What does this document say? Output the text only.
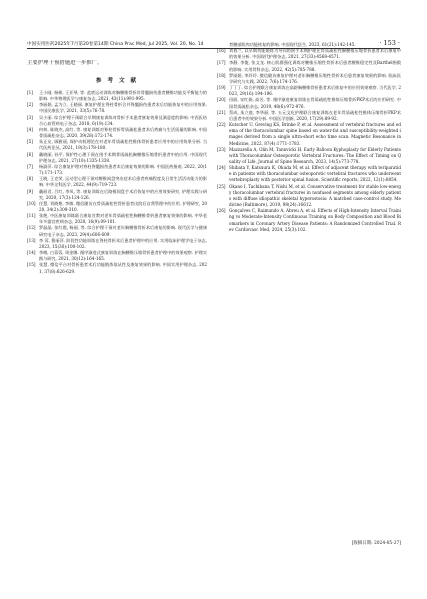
中国实用医药2025年7月第20卷第14期 China Prac Med, Jul 2025, Vol. 20, No. 14	· 153 ·
主要护理干预措施进一步推广。
参 考 文 献
[1]	王小刚, 杨彬, 王亚琴, 等. 盆底运动训练对胸腰椎骨折伴骨髓损伤患者腰椎功能及平衡能力的影响. 中华物理医学与康复杂志, 2021, 43(11):991-995.
[2]	李丽娟, 孟为立, 王晓丽. 康复护理在脊柱骨折合并脊髓损伤患者术后功能恢复中的应用效果. 中国民康医学, 2021, 33(5):76-78.
[3]	吴小丽. 综合护理干预联合早期康复训练对骨折手术患者康复效果及满意度的影响. 中西医结合心血管病电子杂志, 2018, 6(19):134.
[4]	何林, 陈晓杰, 高红, 等. 康复训练对脊柱骨折骨质疏松患者术后疼痛与生活质量的影响. 中国骨质疏松杂志, 2020, 39(28):172-174.
[5]	朱正友, 顾雅丽, 保护动机理论在对老年骨质疏松性椎体骨折患者应用中的应用效果分析. 当代医药论丛, 2021, 19(3):178-180.
[6]	戴晓丽, 孙平, 保护性心理干预在围手术期骨质疏松胸腰椎压缩骨折患者中的应用. 中国现代护理杂志, 2021, 27(10):1335-1338.
[7]	杨淑萍. 综合康复护理对脊柱脊髓损伤患者术后康复效果的影响. 中国医药指南, 2022, 20(17):171-173.
[8]	王晓, 王克荣, 运动型心理干预对腰椎间盘突出症术后患者疼痛程度及日常生活活动能力的影响. 中华全科医学, 2022, 44(9):719-723.
[9]	戴丽君, 吕红, 李凤, 等. 康复训练在后路椎间盘手术后恢复中的应用效果研究. 护理实践与研究, 2020, 17(3):124-126.
[10] 任慧, 刘晓艳, 李敏. 微信随访在骨质疏松性骨折患者出院后自我管理中的应用. 护理研究, 2020, 34(2):309-310.
[11] 张艳, 中医康复训练联合康复宣教对老年骨质疏松性胸腰椎骨折患者康复效果的影响. 中华老年多器官疾病杂志, 2020, 16(9):09-101.
[12] 罗晶晶, 张红霞, 杨丽, 等. 综合护理干预对老年胸腰椎骨折术后康复的影响. 现代医学与健康研究电子杂志, 2023, 29(4):606-609.
[13] 李 蓉, 曹丽萍. 阶段性功能训练在脊柱骨折术后患者护理中的应用. 实用临床护理学电子杂志, 2023, 15(30):100-102.
[14] 李梅, 白蓉蓉, 周金娜. 循序渐进式康复训练在胸腰椎压缩骨折患者护理中的效果观察. 护理实践与研究, 2021, 30(12):164-165.
[15] 张慧. 微信平台对骨折患者术后功能锻炼依从性及康复效果的影响. 中国实用护理杂志, 2021, 37(8):626-629.
者腰部肌肉功能恢复的影响. 中国现代医生, 2023, 61(21):142-145.
[16] 刘春兰, 以早期功能锻炼为导向的围手术期护理在骨质疏松性胸腰椎压缩骨折患者术后康复中的效果分析. 中国现代护理杂志, 2021, 27(33):4568-4571.
[17] 李静, 李俊, 张文龙. 核心肌群强化训练对腰椎压缩性骨折术后患者腰椎稳定性及Barthel指数的影响. 实用骨科杂志, 2022, 42(5):785-788.
[18] 罗丽娟, 李玲玲. 微信随访康复护理对老年胸腰椎压缩性骨折术后患者康复效果的影响. 临床医学研究与实践, 2022, 7(6):174-176.
[19] 丁丁丁. 综合护理联合康复训练在高龄胸腰椎骨折患者术后恢复中的应用效果观察. 当代医学, 2023, 29(16):194-196.
[20] 田丽, 宋红娟, 高芳, 等. 循序渐进康复训练在骨质疏松性椎体压缩骨折PKP术后的应用研究. 中国骨质疏松杂志, 2019, 48(6):972-976.
[21] 蔡成, 朱立庭, 李华丽, 等. 五元文化护理联合康复训练在老年骨质疏松性椎体压缩骨折PKP术后患者中的效果分析. 中国医学创新, 2020, 17(29):89-92.
[22] Kutscher U, Greving KS, Brinke P, et al. Assessment of vertebral fractures and edema of the thoracolumbar spine based on water-fat and susceptibility-weighted images derived from a single ultra-short echo time scan. Magnetic Resonance in Medicine, 2022, 87(4):1771-1783.
[23] Mazzarella A, Olin M, Tannvicki H. Early Balloon Kyphoplasty for Elderly Patients with Thoracolumbar Osteoporotic Vertebral Fractures: The Effect of Timing on Quality of Life. Journal of Spine Research, 2023, 14(5):773-778.
[24] Shibata Y, Katsuura K, Okuda M, et al. Effect of adjacent therapy with teriparatide in patients with thoracolumbar osteoporotic vertebral fractures who underwent vertebroplasty with posterior spinal fusion. Scientific reports, 2022, 12(1):8854.
[25] Okano I, Tachibana T, Nishi M, et al. Conservative treatment for stable low-energy thoracolumbar vertebral fractures in nonfused segments among elderly patients with diffuse idiopathic skeletal hyperostosis: A matched case-control study. Medicine (Baltimore), 2019, 98(24):16612.
[26] Gonçalves C, Raimundo A, Abreu A, et al. Effects of High-Intensity Interval Training vs Moderate-Intensity Continuous Training on Body Composition and Blood Biomarkers in Coronary Artery Disease Patients: A Randomized Controlled Trial. Rev Cardiovasc Med, 2024, 25(3):102.
[收稿日期: 2024-05-27]
